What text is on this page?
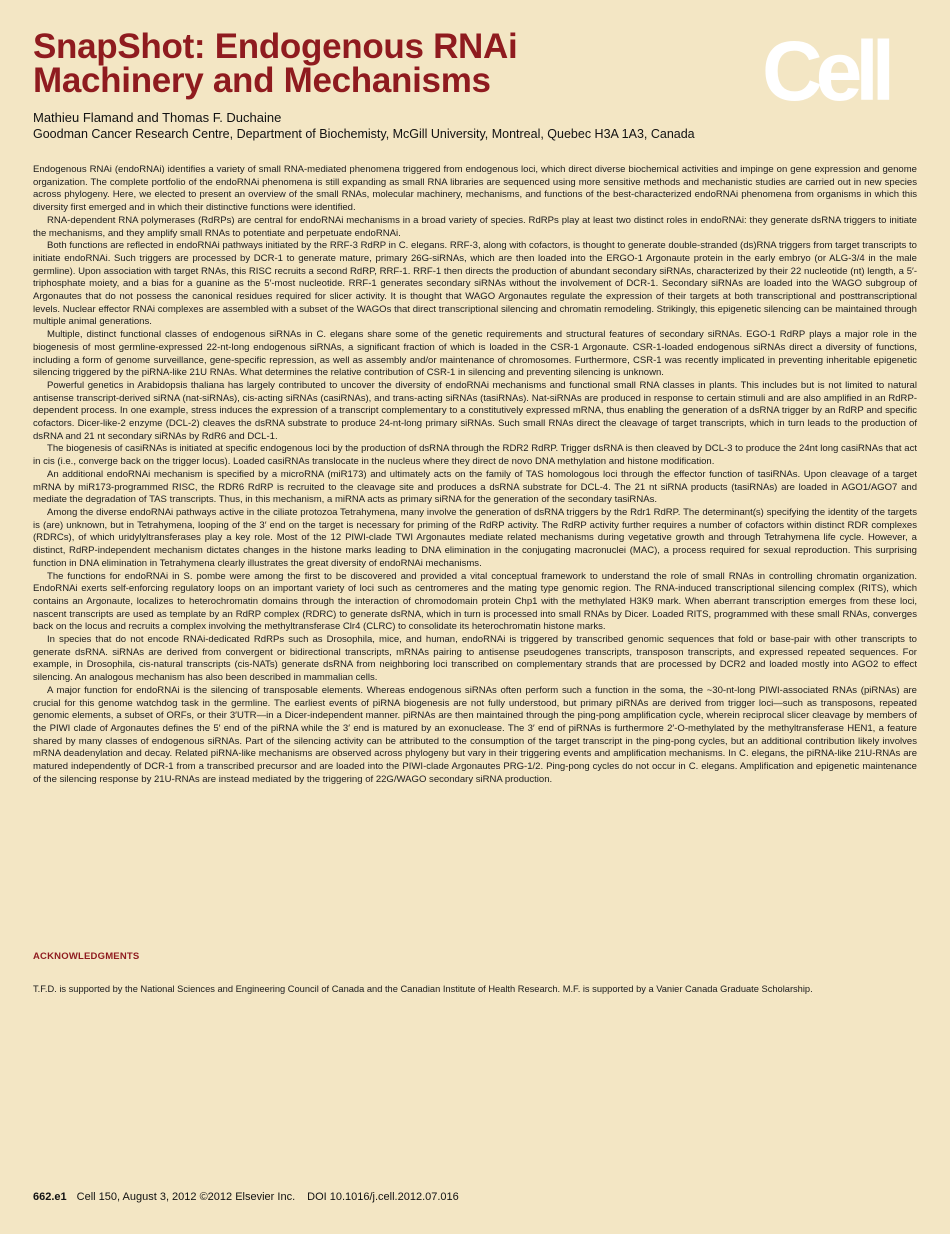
SnapShot: Endogenous RNAi
Machinery and Mechanisms	Cell
Mathieu Flamand and Thomas F. Duchaine
Goodman Cancer Research Centre, Department of Biochemisty, McGill University, Montreal, Quebec H3A 1A3, Canada

Endogenous RNAi (endoRNAi) identifies a variety of small RNA-mediated phenomena triggered from endogenous loci, which direct diverse biochemical activities and impinge on gene expression and genome organization. The complete portfolio of the endoRNAi phenomena is still expanding as small RNA libraries are sequenced using more sensitive methods and mechanistic studies are carried out in new species across phylogeny. Here, we elected to present an overview of the small RNAs, molecular machinery, mechanisms, and functions of the best-characterized endoRNAi phenomena from organisms in which this diversity first emerged and in which their distinctive functions were identified.

RNA-dependent RNA polymerases (RdRPs) are central for endoRNAi mechanisms in a broad variety of species. RdRPs play at least two distinct roles in endoRNAi: they generate dsRNA triggers to initiate the mechanisms, and they amplify small RNAs to potentiate and perpetuate endoRNAi.

Both functions are reflected in endoRNAi pathways initiated by the RRF-3 RdRP in C. elegans. RRF-3, along with cofactors, is thought to generate double-stranded (ds)RNA triggers from target transcripts to initiate endoRNAi. Such triggers are processed by DCR-1 to generate mature, primary 26G-siRNAs, which are then loaded into the ERGO-1 Argonaute protein in the early embryo (or ALG-3/4 in the male germline). Upon association with target RNAs, this RISC recruits a second RdRP, RRF-1. RRF-1 then directs the production of abundant secondary siRNAs, characterized by their 22 nucleotide (nt) length, a 5′-triphosphate moiety, and a bias for a guanine as the 5′-most nucleotide. RRF-1 generates secondary siRNAs without the involvement of DCR-1. Secondary siRNAs are loaded into the WAGO subgroup of Argonautes that do not possess the canonical residues required for slicer activity. It is thought that WAGO Argonautes regulate the expression of their targets at both transcriptional and posttranscriptional levels. Nuclear effector RNAi complexes are assembled with a subset of the WAGOs that direct transcriptional silencing and chromatin remodeling. Strikingly, this epigenetic silencing can be maintained through multiple animal generations.

Multiple, distinct functional classes of endogenous siRNAs in C. elegans share some of the genetic requirements and structural features of secondary siRNAs. EGO-1 RdRP plays a major role in the biogenesis of most germline-expressed 22-nt-long endogenous siRNAs, a significant fraction of which is loaded in the CSR-1 Argonaute. CSR-1-loaded endogenous siRNAs direct a diversity of functions, including a form of genome surveillance, gene-specific repression, as well as assembly and/or maintenance of chromosomes. Furthermore, CSR-1 was recently implicated in preventing inheritable epigenetic silencing triggered by the piRNA-like 21U RNAs. What determines the relative contribution of CSR-1 in silencing and preventing silencing is unknown.

Powerful genetics in Arabidopsis thaliana has largely contributed to uncover the diversity of endoRNAi mechanisms and functional small RNA classes in plants. This includes but is not limited to natural antisense transcript-derived siRNA (nat-siRNAs), cis-acting siRNAs (casiRNAs), and trans-acting siRNAs (tasiRNAs). Nat-siRNAs are produced in response to certain stimuli and are also amplified in an RdRP-dependent process. In one example, stress induces the expression of a transcript complementary to a constitutively expressed mRNA, thus enabling the generation of a dsRNA trigger by an RdRP and specific cofactors. Dicer-like-2 enzyme (DCL-2) cleaves the dsRNA substrate to produce 24-nt-long primary siRNAs. Such small RNAs direct the cleavage of target transcripts, which in turn leads to the production of dsRNA and 21 nt secondary siRNAs by RdR6 and DCL-1.

The biogenesis of casiRNAs is initiated at specific endogenous loci by the production of dsRNA through the RDR2 RdRP. Trigger dsRNA is then cleaved by DCL-3 to produce the 24nt long casiRNAs that act in cis (i.e., converge back on the trigger locus). Loaded casiRNAs translocate in the nucleus where they direct de novo DNA methylation and histone modification.

An additional endoRNAi mechanism is specified by a microRNA (miR173) and ultimately acts on the family of TAS homologous loci through the effector function of tasiRNAs. Upon cleavage of a target mRNA by miR173-programmed RISC, the RDR6 RdRP is recruited to the cleavage site and produces a dsRNA substrate for DCL-4. The 21 nt siRNA products (tasiRNAs) are loaded in AGO1/AGO7 and mediate the degradation of TAS transcripts. Thus, in this mechanism, a miRNA acts as primary siRNA for the generation of the secondary tasiRNAs.

Among the diverse endoRNAi pathways active in the ciliate protozoa Tetrahymena, many involve the generation of dsRNA triggers by the Rdr1 RdRP. The determinant(s) specifying the identity of the targets is (are) unknown, but in Tetrahymena, looping of the 3′ end on the target is necessary for priming of the RdRP activity. The RdRP activity further requires a number of cofactors within distinct RDR complexes (RDRCs), of which uridylyltransferases play a key role. Most of the 12 PIWI-clade TWI Argonautes mediate related mechanisms during vegetative growth and through Tetrahymena life cycle. However, a distinct, RdRP-independent mechanism dictates changes in the histone marks leading to DNA elimination in the conjugating macronuclei (MAC), a process required for sexual reproduction. This surprising function in DNA elimination in Tetrahymena clearly illustrates the great diversity of endoRNAi mechanisms.

The functions for endoRNAi in S. pombe were among the first to be discovered and provided a vital conceptual framework to understand the role of small RNAs in controlling chromatin organization. EndoRNAi exerts self-enforcing regulatory loops on an important variety of loci such as centromeres and the mating type genomic region. The RNA-induced transcriptional silencing complex (RITS), which contains an Argonaute, localizes to heterochromatin domains through the interaction of chromodomain protein Chp1 with the methylated H3K9 mark. When aberrant transcription emerges from these loci, nascent transcripts are used as template by an RdRP complex (RDRC) to generate dsRNA, which in turn is processed into small RNAs by Dicer. Loaded RITS, programmed with these small RNAs, converges back on the locus and recruits a complex involving the methyltransferase Clr4 (CLRC) to consolidate its heterochromatin histone marks.

In species that do not encode RNAi-dedicated RdRPs such as Drosophila, mice, and human, endoRNAi is triggered by transcribed genomic sequences that fold or base-pair with other transcripts to generate dsRNA. siRNAs are derived from convergent or bidirectional transcripts, mRNAs pairing to antisense pseudogenes transcripts, transposon transcripts, and expressed repeated sequences. For example, in Drosophila, cis-natural transcripts (cis-NATs) generate dsRNA from neighboring loci transcribed on complementary strands that are processed by DCR2 and loaded mostly into AGO2 to effect silencing. An analogous mechanism has also been described in mammalian cells.

A major function for endoRNAi is the silencing of transposable elements. Whereas endogenous siRNAs often perform such a function in the soma, the ~30-nt-long PIWI-associated RNAs (piRNAs) are crucial for this genome watchdog task in the germline. The earliest events of piRNA biogenesis are not fully understood, but primary piRNAs are derived from trigger loci—such as transposons, repeated genomic elements, a subset of ORFs, or their 3′UTR—in a Dicer-independent manner. piRNAs are then maintained through the ping-pong amplification cycle, wherein reciprocal slicer cleavage by members of the PIWI clade of Argonautes defines the 5′ end of the piRNA while the 3′ end is matured by an exonuclease. The 3′ end of piRNAs is furthermore 2′-O-methylated by the methyltransferase HEN1, a feature shared by many classes of endogenous siRNAs. Part of the silencing activity can be attributed to the consumption of the target transcript in the ping-pong cycles, but an additional contribution likely involves mRNA deadenylation and decay. Related piRNA-like mechanisms are observed across phylogeny but vary in their triggering events and amplification mechanisms. In C. elegans, the piRNA-like 21U-RNAs are matured independently of DCR-1 from a transcribed precursor and are loaded into the PIWI-clade Argonautes PRG-1/2. Ping-pong cycles do not occur in C. elegans. Amplification and epigenetic maintenance of the silencing response by 21U-RNAs are instead mediated by the triggering of 22G/WAGO secondary siRNA production.

ACKNOWLEDGMENTS
T.F.D. is supported by the National Sciences and Engineering Council of Canada and the Canadian Institute of Health Research. M.F. is supported by a Vanier Canada Graduate Scholarship.
662.e1 Cell 150, August 3, 2012 ©2012 Elsevier Inc. DOI 10.1016/j.cell.2012.07.016
